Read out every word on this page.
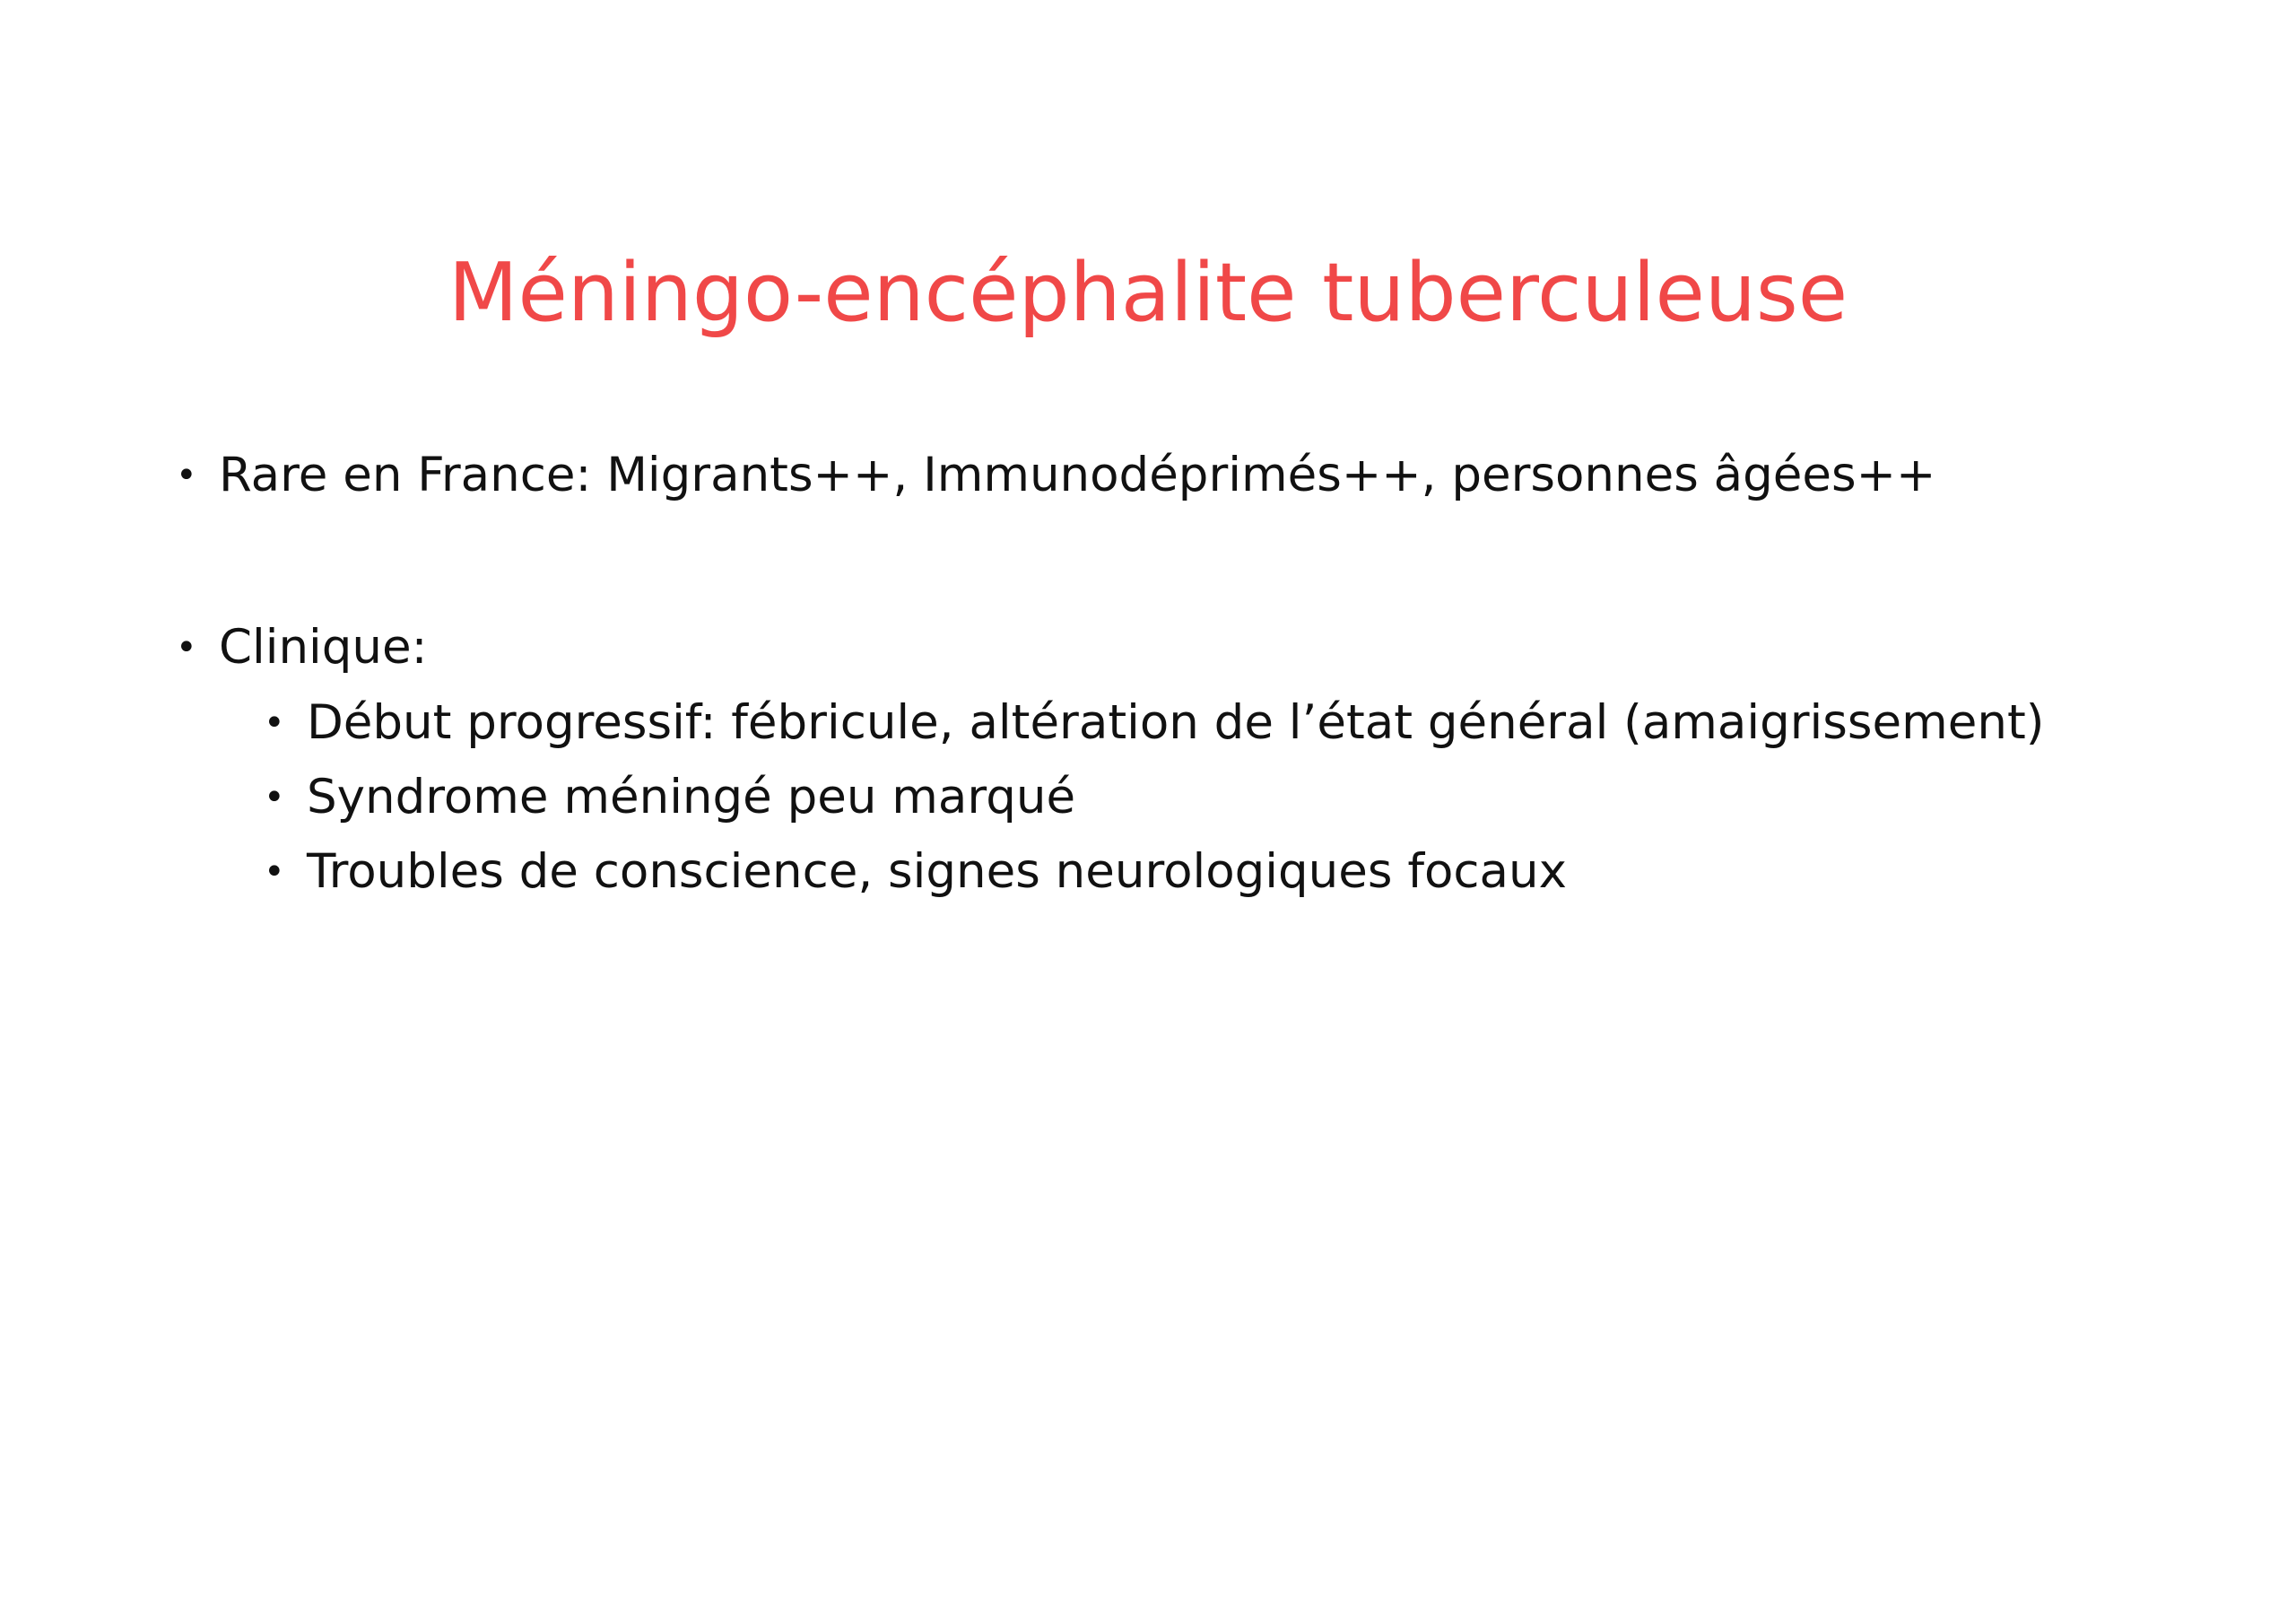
Méningo-encéphalite tuberculeuse
• Rare en France: Migrants++, Immunodéprimés++, personnes âgées++
• Clinique:
• Début progressif: fébricule, altération de l’état général (amaigrissement)
• Syndrome méningé peu marqué
• Troubles de conscience, signes neurologiques focaux
